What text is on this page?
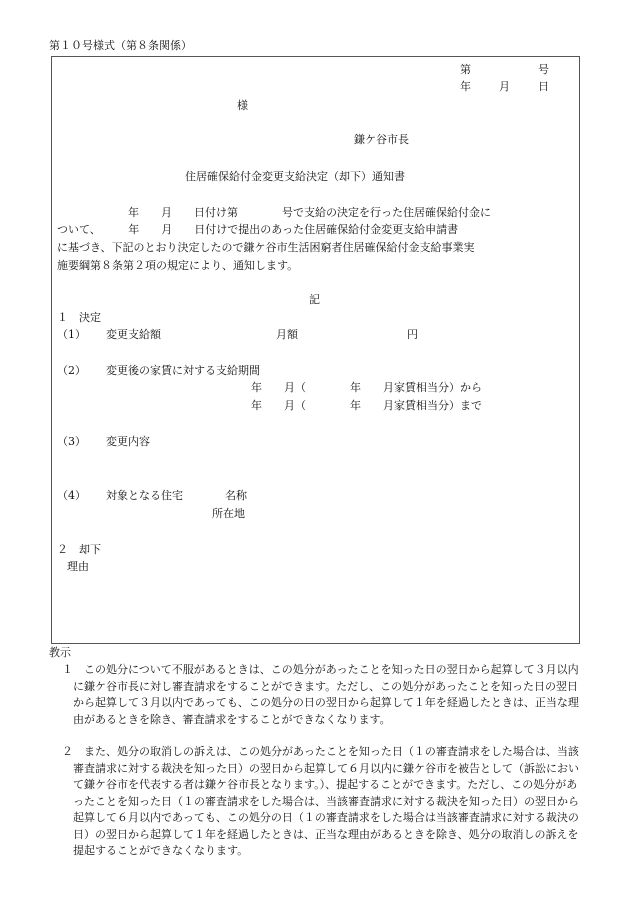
第１０号様式（第８条関係）
第	号
年	月	日
様
鎌ケ谷市長
住居確保給付金変更支給決定（却下）通知書
年　　月　　日付け第　　　　号で支給の決定を行った住居確保給付金に
ついて、　　　年　　月　　日付けで提出のあった住居確保給付金変更支給申請書
に基づき、下記のとおり決定したので鎌ケ谷市生活困窮者住居確保給付金支給事業実
施要綱第８条第２項の規定により、通知します。
記
１　決定
（1） 変更支給額	月額	円
（2） 変更後の家賃に対する支給期間
年　　月（　　　　年　　月家賃相当分）から
年　　月（　　　　年　　月家賃相当分）まで
（3） 変更内容
（4） 対象となる住宅	名称
所在地
２　却下
理由
教示
１　この処分について不服があるときは、この処分があったことを知った日の翌日から起算して３月以内に鎌ケ谷市長に対し審査請求をすることができます。ただし、この処分があったことを知った日の翌日から起算して３月以内であっても、この処分の日の翌日から起算して１年を経過したときは、正当な理由があるときを除き、審査請求をすることができなくなります。
２　また、処分の取消しの訴えは、この処分があったことを知った日（１の審査請求をした場合は、当該審査請求に対する裁決を知った日）の翌日から起算して６月以内に鎌ケ谷市を被告として（訴訟において鎌ケ谷市を代表する者は鎌ケ谷市長となります。）、提起することができます。ただし、この処分があったことを知った日（１の審査請求をした場合は、当該審査請求に対する裁決を知った日）の翌日から起算して６月以内であっても、この処分の日（１の審査請求をした場合は当該審査請求に対する裁決の日）の翌日から起算して１年を経過したときは、正当な理由があるときを除き、処分の取消しの訴えを提起することができなくなります。
